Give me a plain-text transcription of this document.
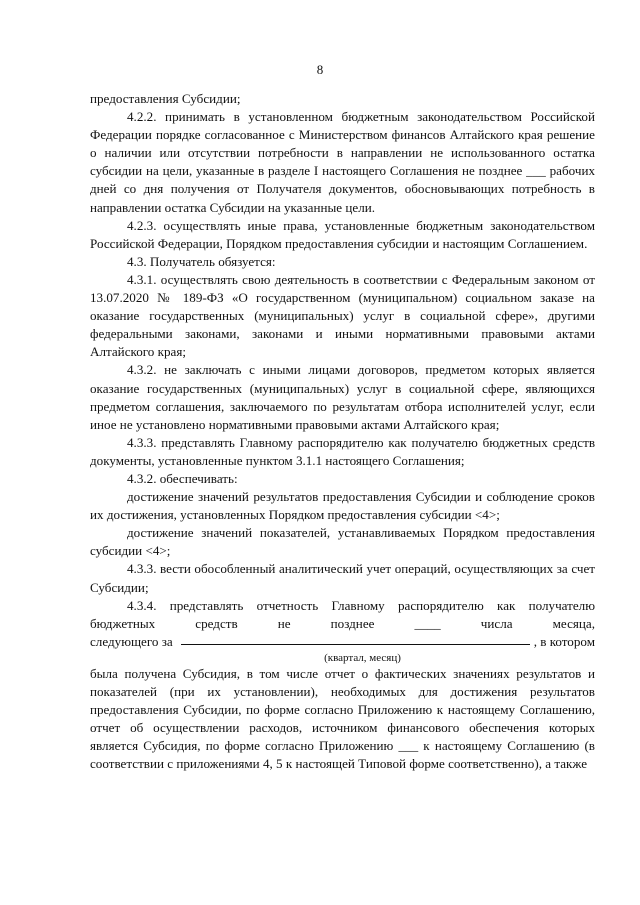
8

предоставления Субсидии;

4.2.2. принимать в установленном бюджетным законодательством Российской Федерации порядке согласованное с Министерством финансов Алтайского края решение о наличии или отсутствии потребности в направлении не использованного остатка субсидии на цели, указанные в разделе I настоящего Соглашения не позднее ___ рабочих дней со дня получения от Получателя документов, обосновывающих потребность в направлении остатка Субсидии на указанные цели.

4.2.3. осуществлять иные права, установленные бюджетным законодательством Российской Федерации, Порядком предоставления субсидии и настоящим Соглашением.

4.3. Получатель обязуется:

4.3.1. осуществлять свою деятельность в соответствии с Федеральным законом от 13.07.2020 № 189-ФЗ «О государственном (муниципальном) социальном заказе на оказание государственных (муниципальных) услуг в социальной сфере», другими федеральными законами, законами и иными нормативными правовыми актами Алтайского края;

4.3.2. не заключать с иными лицами договоров, предметом которых является оказание государственных (муниципальных) услуг в социальной сфере, являющихся предметом соглашения, заключаемого по результатам отбора исполнителей услуг, если иное не установлено нормативными правовыми актами Алтайского края;

4.3.3. представлять Главному распорядителю как получателю бюджетных средств документы, установленные пунктом 3.1.1 настоящего Соглашения;

4.3.2. обеспечивать:

достижение значений результатов предоставления Субсидии и соблюдение сроков их достижения, установленных Порядком предоставления субсидии <4>;

достижение значений показателей, устанавливаемых Порядком предоставления субсидии <4>;

4.3.3. вести обособленный аналитический учет операций, осуществляющих за счет Субсидии;

4.3.4. представлять отчетность Главному распорядителю как получателю бюджетных средств не позднее ____ числа месяца,

следующего за	, в котором
(квартал, месяц)

была получена Субсидия, в том числе отчет о фактических значениях результатов и показателей (при их установлении), необходимых для достижения результатов предоставления Субсидии, по форме согласно Приложению к настоящему Соглашению, отчет об осуществлении расходов, источником финансового обеспечения которых является Субсидия, по форме согласно Приложению ___ к настоящему Соглашению (в соответствии с приложениями 4, 5 к настоящей Типовой форме соответственно), а также
